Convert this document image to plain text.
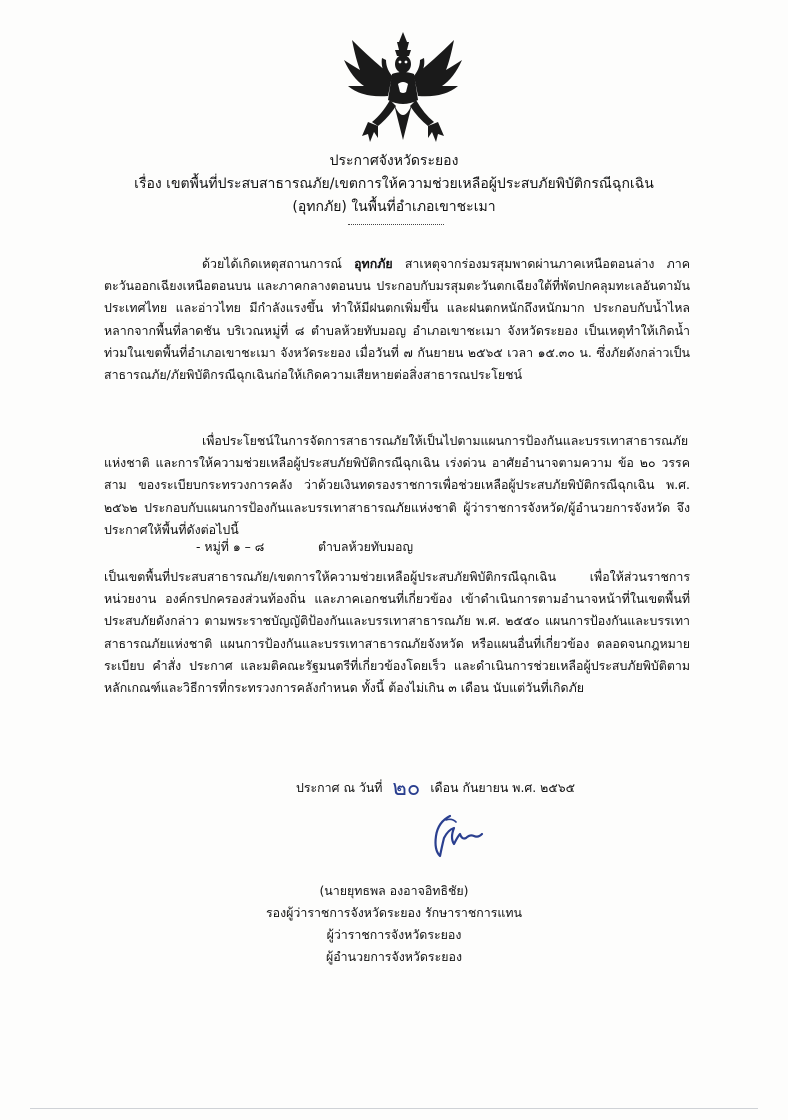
ประกาศจังหวัดระยอง
เรื่อง เขตพื้นที่ประสบสาธารณภัย/เขตการให้ความช่วยเหลือผู้ประสบภัยพิบัติกรณีฉุกเฉิน
(อุทกภัย) ในพื้นที่อำเภอเขาชะเมา

ด้วยได้เกิดเหตุสถานการณ์ อุทกภัย สาเหตุจากร่องมรสุมพาดผ่านภาคเหนือตอนล่าง ภาคตะวันออกเฉียงเหนือตอนบน และภาคกลางตอนบน ประกอบกับมรสุมตะวันตกเฉียงใต้ที่พัดปกคลุมทะเลอันดามัน ประเทศไทย และอ่าวไทย มีกำลังแรงขึ้น ทำให้มีฝนตกเพิ่มขึ้น และฝนตกหนักถึงหนักมาก ประกอบกับน้ำไหลหลากจากพื้นที่ลาดชัน บริเวณหมู่ที่ ๘ ตำบลห้วยทับมอญ อำเภอเขาชะเมา จังหวัดระยอง เป็นเหตุทำให้เกิดน้ำท่วมในเขตพื้นที่อำเภอเขาชะเมา จังหวัดระยอง เมื่อวันที่ ๗ กันยายน ๒๕๖๕ เวลา ๑๕.๓๐ น. ซึ่งภัยดังกล่าวเป็นสาธารณภัย/ภัยพิบัติกรณีฉุกเฉินก่อให้เกิดความเสียหายต่อสิ่งสาธารณประโยชน์

เพื่อประโยชน์ในการจัดการสาธารณภัยให้เป็นไปตามแผนการป้องกันและบรรเทาสาธารณภัยแห่งชาติ และการให้ความช่วยเหลือผู้ประสบภัยพิบัติกรณีฉุกเฉิน เร่งด่วน อาศัยอำนาจตามความ ข้อ ๒๐ วรรคสาม ของระเบียบกระทรวงการคลัง ว่าด้วยเงินทดรองราชการเพื่อช่วยเหลือผู้ประสบภัยพิบัติกรณีฉุกเฉิน พ.ศ. ๒๕๖๒ ประกอบกับแผนการป้องกันและบรรเทาสาธารณภัยแห่งชาติ ผู้ว่าราชการจังหวัด/ผู้อำนวยการจังหวัด จึงประกาศให้พื้นที่ดังต่อไปนี้

- หมู่ที่ ๑ – ๘	ตำบลห้วยทับมอญ

เป็นเขตพื้นที่ประสบสาธารณภัย/เขตการให้ความช่วยเหลือผู้ประสบภัยพิบัติกรณีฉุกเฉิน เพื่อให้ส่วนราชการ หน่วยงาน องค์กรปกครองส่วนท้องถิ่น และภาคเอกชนที่เกี่ยวข้อง เข้าดำเนินการตามอำนาจหน้าที่ในเขตพื้นที่ประสบภัยดังกล่าว ตามพระราชบัญญัติป้องกันและบรรเทาสาธารณภัย พ.ศ. ๒๕๕๐ แผนการป้องกันและบรรเทาสาธารณภัยแห่งชาติ แผนการป้องกันและบรรเทาสาธารณภัยจังหวัด หรือแผนอื่นที่เกี่ยวข้อง ตลอดจนกฎหมาย ระเบียบ คำสั่ง ประกาศ และมติคณะรัฐมนตรีที่เกี่ยวข้องโดยเร็ว และดำเนินการช่วยเหลือผู้ประสบภัยพิบัติตามหลักเกณฑ์และวิธีการที่กระทรวงการคลังกำหนด ทั้งนี้ ต้องไม่เกิน ๓ เดือน นับแต่วันที่เกิดภัย

ประกาศ ณ วันที่ ๒๐ เดือน กันยายน พ.ศ. ๒๕๖๕
(นายยุทธพล องอาจอิทธิชัย)
รองผู้ว่าราชการจังหวัดระยอง รักษาราชการแทน
ผู้ว่าราชการจังหวัดระยอง
ผู้อำนวยการจังหวัดระยอง
